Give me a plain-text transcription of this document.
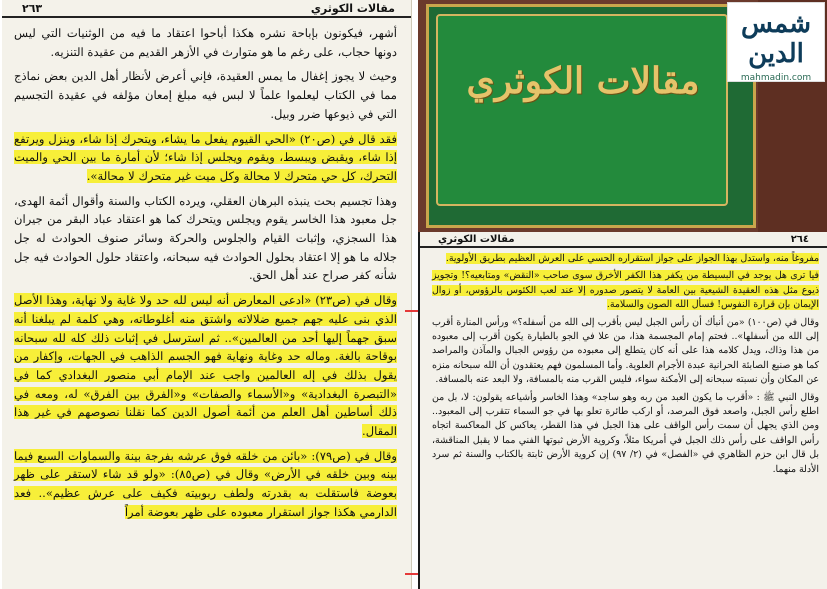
مقالات الكوثري
٢٦٣

أشهر، فيكونون بإباحة نشره هكذا أباحوا اعتقاد ما فيه من الوثنيات التي ليس دونها حجاب، على رغم ما هو متوارث في الأزهر القديم من عقيدة التنزيه.

وحيث لا يجوز إغفال ما يمس العقيدة، فإني أعرض لأنظار أهل الدين بعض نماذج مما في الكتاب ليعلموا علماً لا لبس فيه مبلغ إمعان مؤلفه في عقيدة التجسيم التي في ذيوعها ضرر وبيل.

فقد قال في (ص٢٠) «الحي القيوم يفعل ما يشاء، ويتحرك إذا شاء، وينزل ويرتفع إذا شاء، ويقبض ويبسط، ويقوم ويجلس إذا شاء؛ لأن أمارة ما بين الحي والميت التحرك، كل حي متحرك لا محالة وكل ميت غير متحرك لا محالة».

وهذا تجسيم بحت ينبذه البرهان العقلي، ويرده الكتاب والسنة وأقوال أئمة الهدى، جل معبود هذا الخاسر يقوم ويجلس ويتحرك كما هو اعتقاد عباد البقر من جيران هذا السجزي، وإثبات القيام والجلوس والحركة وسائر صنوف الحوادث له جل جلاله ما هو إلا اعتقاد بحلول الحوادث فيه سبحانه، واعتقاد حلول الحوادث فيه جل شأنه كفر صراح عند أهل الحق.

وقال في (ص٢٣) «ادعى المعارض أنه ليس لله حد ولا غاية ولا نهاية، وهذا الأصل الذي بنى عليه جهم جميع ضلالاته واشتق منه أغلوطاته، وهي كلمة لم يبلغنا أنه سبق جهماً إليها أحد من العالمين».. ثم استرسل في إثبات ذلك كله لله سبحانه بوقاحة بالغة. وماله حد وغاية ونهاية فهو الجسم الذاهب في الجهات، وإكفار من يقول بذلك في إله العالمين واجب عند الإمام أبي منصور البغدادي كما في «التبصرة البغدادية» و«الأسماء والصفات» و«الفرق بين الفرق» له، ومعه في ذلك أساطين أهل العلم من أئمة أصول الدين كما نقلنا نصوصهم في غير هذا المقال.

وقال في (ص٧٩): «بائن من خلقه فوق عرشه بفرجة بينة والسماوات السبع فيما بينه وبين خلقه في الأرض» وقال في (ص٨٥): «ولو قد شاء لاستقر على ظهر بعوضة فاستقلت به بقدرته ولطف ربوبيته فكيف على عرش عظيم».. فعد الدارمي هكذا جواز استقرار معبوده على ظهر بعوضة أمراً

مقالات الكوثري
شمس الدين
mahmadin.com
٢٦٤
مقالات الكوثري

مفروغاً منه، واستدل بهذا الجواز على جواز استقراره الحسي على العرش العظيم بطريق الأولوية.

فيا ترى هل يوجد في البسيطة من يكفر هذا الكفر الأخرق سوى صاحب «النقض» ومتابعيه؟! وتجويز ذيوع مثل هذه العقيدة الشيعية بين العامة لا يتصور صدوره إلا عند لعب الكئوس بالرؤوس، أو زوال الإيمان بإن قرارة النفوس! فسأل الله الصون والسلامة.

وقال في (ص١٠٠) «من أنبأك أن رأس الجبل ليس بأقرب إلى الله من أسفله؟» ورأس المنارة أقرب إلى الله من أسفلها».. فحتم إمام المجسمة هذا، من علا في الجو بالطيارة يكون أقرب إلى معبوده من هذا وذاك، ويدل كلامه هذا على أنه كان يتطلع إلى معبوده من رؤوس الجبال والمآذن والمراصد كما هو صنيع الصابئة الحرانية عبدة الأجرام العلوية. وأما المسلمون فهم يعتقدون أن الله سبحانه منزه عن المكان وأن نسبته سبحانه إلى الأمكنة سواء، فليس القرب منه بالمسافة، ولا البعد عنه بالمسافة.

وقال النبي ﷺ : «أقرب ما يكون العبد من ربه وهو ساجد» وهذا الخاسر وأشياعه يقولون: لا، بل من اطلع رأس الجبل، واصعد فوق المرصد، أو اركب طائرة تعلو بها في جو السماء تتقرب إلى المعبود.. ومن الذي يجهل أن سمت رأس الواقف على هذا الجبل في هذا القطر، يعاكس كل المعاكسة اتجاه رأس الواقف على رأس ذلك الجبل في أمريكا مثلاً، وكروية الأرض ثبوتها الفني مما لا يقبل المناقشة، بل قال ابن حزم الظاهري في «الفصل» في (٢/ ٩٧) إن كروية الأرض ثابتة بالكتاب والسنة ثم سرد الأدلة منهما.
